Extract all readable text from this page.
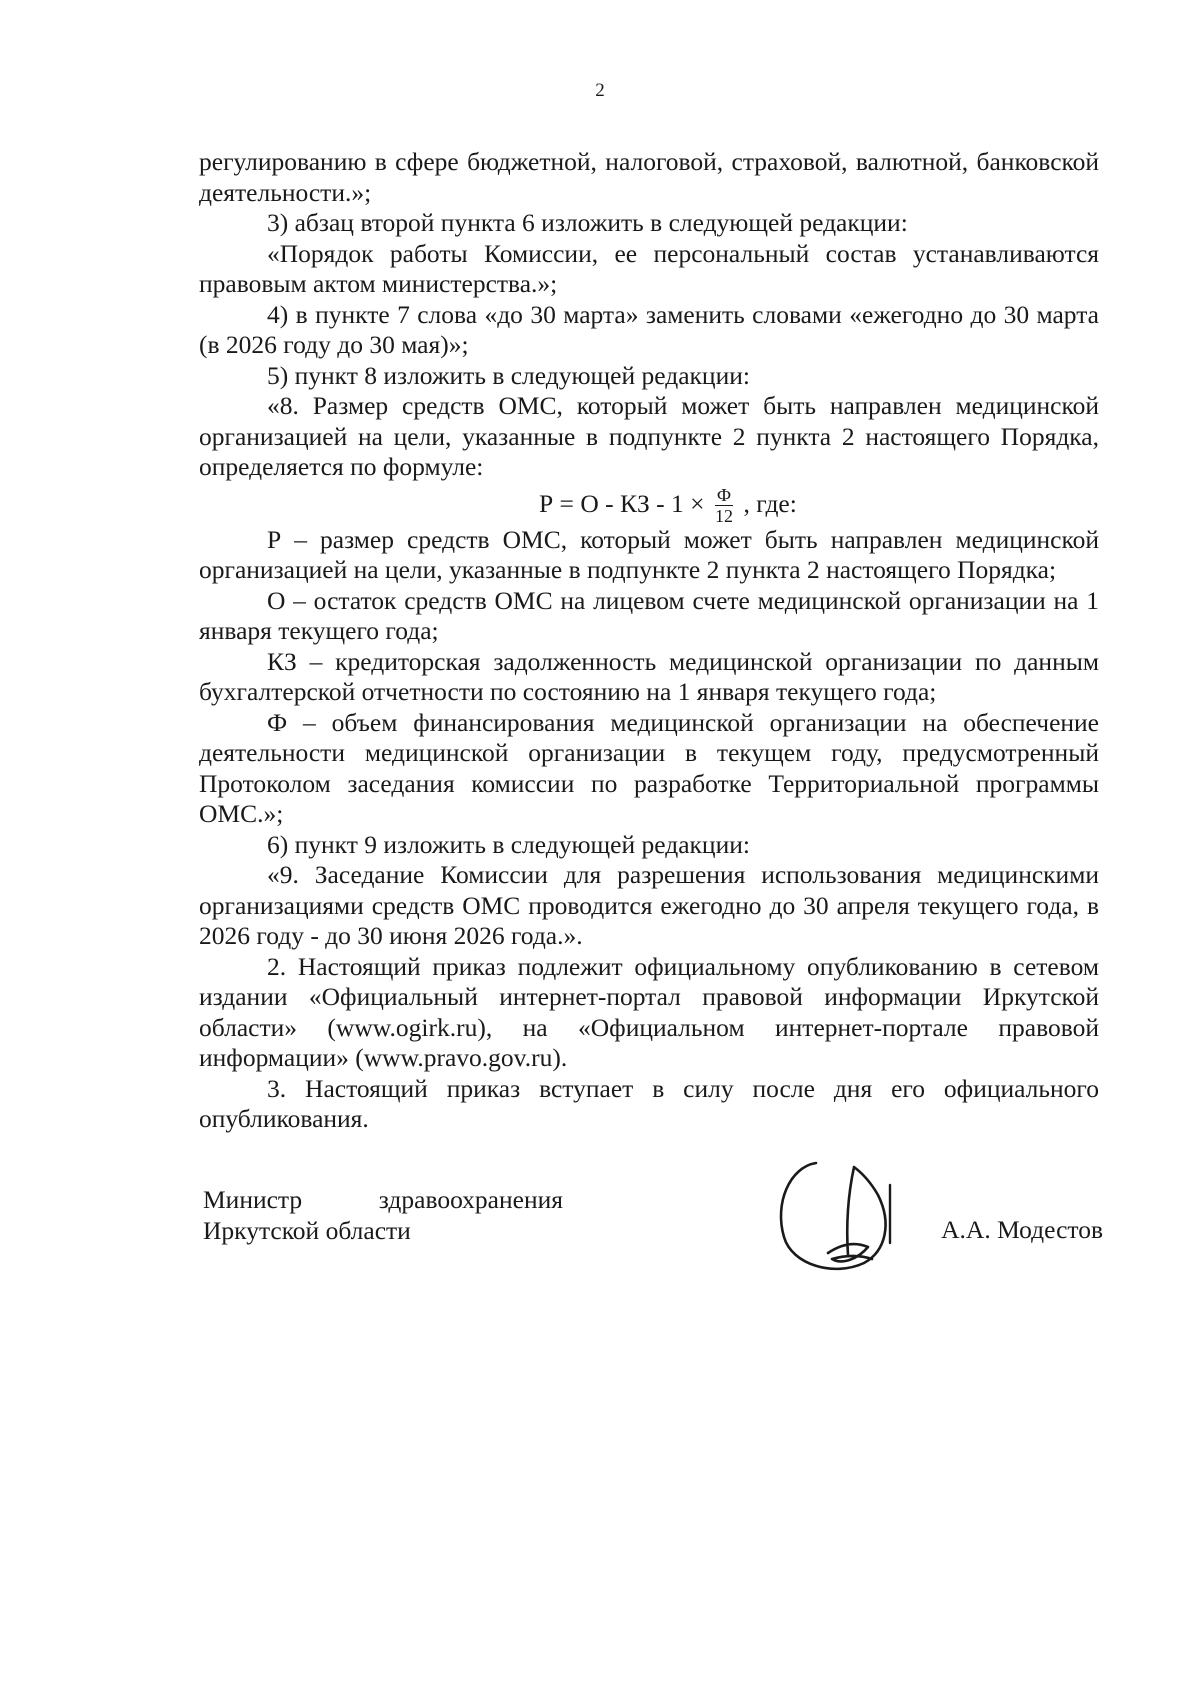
2

регулированию в сфере бюджетной, налоговой, страховой, валютной, банковской деятельности.»;

3) абзац второй пункта 6 изложить в следующей редакции:

«Порядок работы Комиссии, ее персональный состав устанавливаются правовым актом министерства.»;

4) в пункте 7 слова «до 30 марта» заменить словами «ежегодно до 30 марта (в 2026 году до 30 мая)»;

5) пункт 8 изложить в следующей редакции:

«8. Размер средств ОМС, который может быть направлен медицинской организацией на цели, указанные в подпункте 2 пункта 2 настоящего Порядка, определяется по формуле:

Р = О - КЗ - $1 \times \frac{Ф}{12}$ , где:

Р – размер средств ОМС, который может быть направлен медицинской организацией на цели, указанные в подпункте 2 пункта 2 настоящего Порядка;

О – остаток средств ОМС на лицевом счете медицинской организации на 1 января текущего года;

КЗ – кредиторская задолженность медицинской организации по данным бухгалтерской отчетности по состоянию на 1 января текущего года;

Ф – объем финансирования медицинской организации на обеспечение деятельности медицинской организации в текущем году, предусмотренный Протоколом заседания комиссии по разработке Территориальной программы ОМС.»;

6) пункт 9 изложить в следующей редакции:

«9. Заседание Комиссии для разрешения использования медицинскими организациями средств ОМС проводится ежегодно до 30 апреля текущего года, в 2026 году - до 30 июня 2026 года.».

2. Настоящий приказ подлежит официальному опубликованию в сетевом издании «Официальный интернет-портал правовой информации Иркутской области» (www.ogirk.ru), на «Официальном интернет-портале правовой информации» (www.pravo.gov.ru).

3. Настоящий приказ вступает в силу после дня его официального опубликования.

Министр	здравоохранения
Иркутской области	А.А. Модестов
